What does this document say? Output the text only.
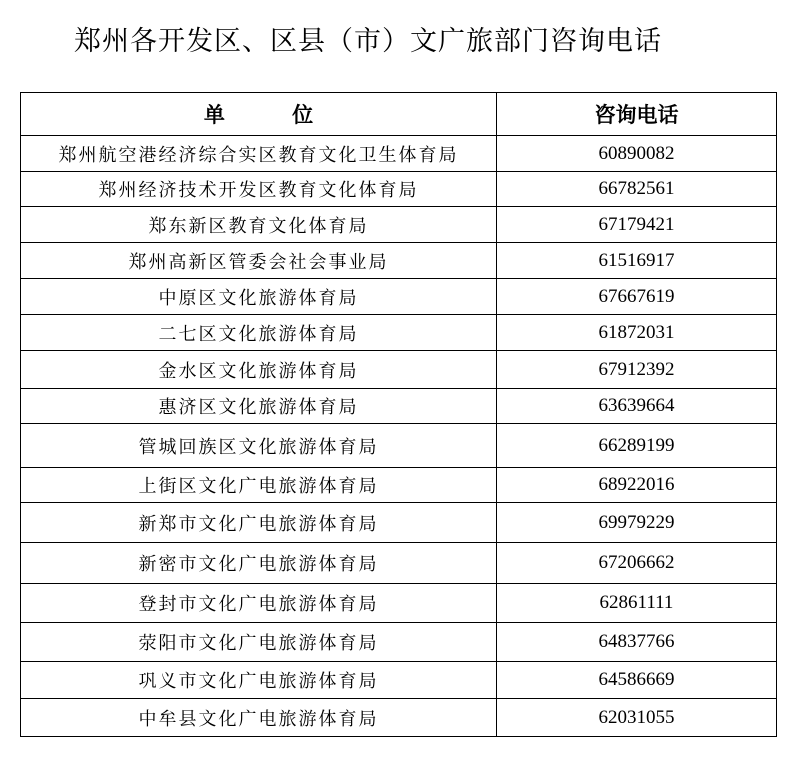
郑州各开发区、区县（市）文广旅部门咨询电话
单 位	咨询电话
郑州航空港经济综合实区教育文化卫生体育局	60890082
郑州经济技术开发区教育文化体育局	66782561
郑东新区教育文化体育局	67179421
郑州高新区管委会社会事业局	61516917
中原区文化旅游体育局	67667619
二七区文化旅游体育局	61872031
金水区文化旅游体育局	67912392
惠济区文化旅游体育局	63639664
管城回族区文化旅游体育局	66289199
上街区文化广电旅游体育局	68922016
新郑市文化广电旅游体育局	69979229
新密市文化广电旅游体育局	67206662
登封市文化广电旅游体育局	62861111
荥阳市文化广电旅游体育局	64837766
巩义市文化广电旅游体育局	64586669
中牟县文化广电旅游体育局	62031055
